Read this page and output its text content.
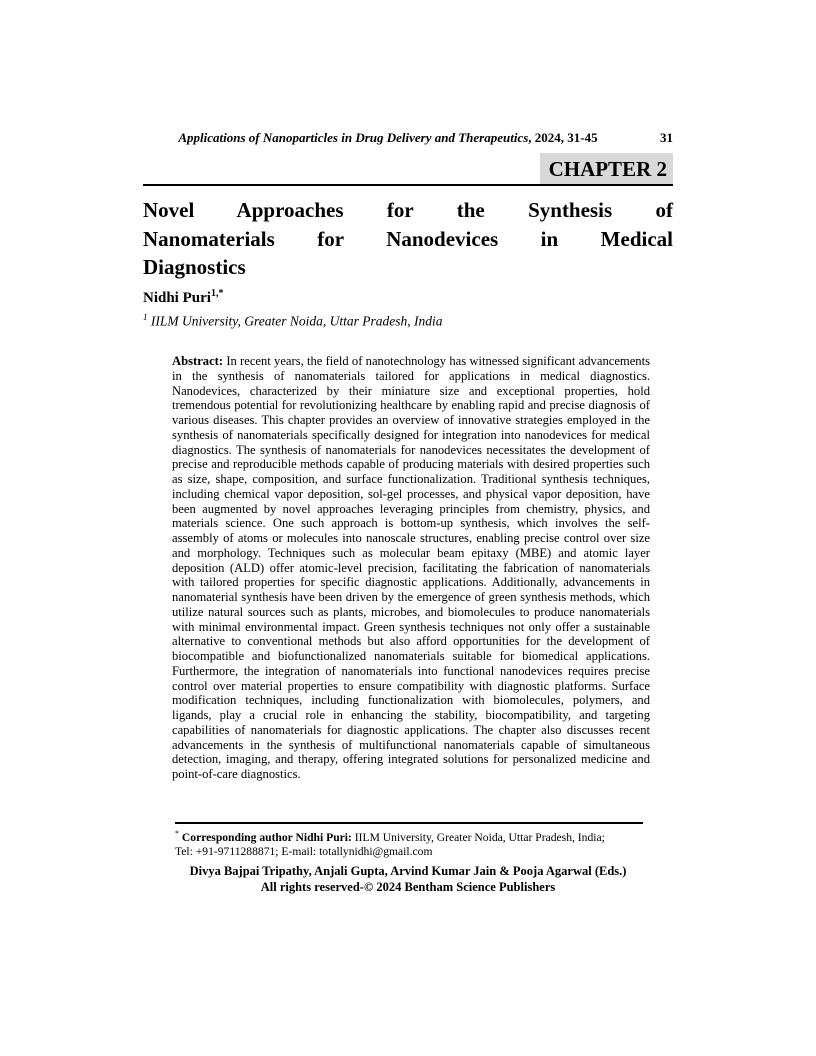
Applications of Nanoparticles in Drug Delivery and Therapeutics, 2024, 31-45	31
CHAPTER 2
Novel Approaches for the Synthesis of
Nanomaterials for Nanodevices in Medical
Diagnostics
Nidhi Puri$^{1,*}$
$^1$ IILM University, Greater Noida, Uttar Pradesh, India
Abstract: In recent years, the field of nanotechnology has witnessed significant advancements in the synthesis of nanomaterials tailored for applications in medical diagnostics. Nanodevices, characterized by their miniature size and exceptional properties, hold tremendous potential for revolutionizing healthcare by enabling rapid and precise diagnosis of various diseases. This chapter provides an overview of innovative strategies employed in the synthesis of nanomaterials specifically designed for integration into nanodevices for medical diagnostics. The synthesis of nanomaterials for nanodevices necessitates the development of precise and reproducible methods capable of producing materials with desired properties such as size, shape, composition, and surface functionalization. Traditional synthesis techniques, including chemical vapor deposition, sol-gel processes, and physical vapor deposition, have been augmented by novel approaches leveraging principles from chemistry, physics, and materials science. One such approach is bottom-up synthesis, which involves the self-assembly of atoms or molecules into nanoscale structures, enabling precise control over size and morphology. Techniques such as molecular beam epitaxy (MBE) and atomic layer deposition (ALD) offer atomic-level precision, facilitating the fabrication of nanomaterials with tailored properties for specific diagnostic applications. Additionally, advancements in nanomaterial synthesis have been driven by the emergence of green synthesis methods, which utilize natural sources such as plants, microbes, and biomolecules to produce nanomaterials with minimal environmental impact. Green synthesis techniques not only offer a sustainable alternative to conventional methods but also afford opportunities for the development of biocompatible and biofunctionalized nanomaterials suitable for biomedical applications. Furthermore, the integration of nanomaterials into functional nanodevices requires precise control over material properties to ensure compatibility with diagnostic platforms. Surface modification techniques, including functionalization with biomolecules, polymers, and ligands, play a crucial role in enhancing the stability, biocompatibility, and targeting capabilities of nanomaterials for diagnostic applications. The chapter also discusses recent advancements in the synthesis of multifunctional nanomaterials capable of simultaneous detection, imaging, and therapy, offering integrated solutions for personalized medicine and point-of-care diagnostics.
* Corresponding author Nidhi Puri: IILM University, Greater Noida, Uttar Pradesh, India;
Tel: +91-9711288871; E-mail: totallynidhi@gmail.com
Divya Bajpai Tripathy, Anjali Gupta, Arvind Kumar Jain & Pooja Agarwal (Eds.)
All rights reserved-© 2024 Bentham Science Publishers
